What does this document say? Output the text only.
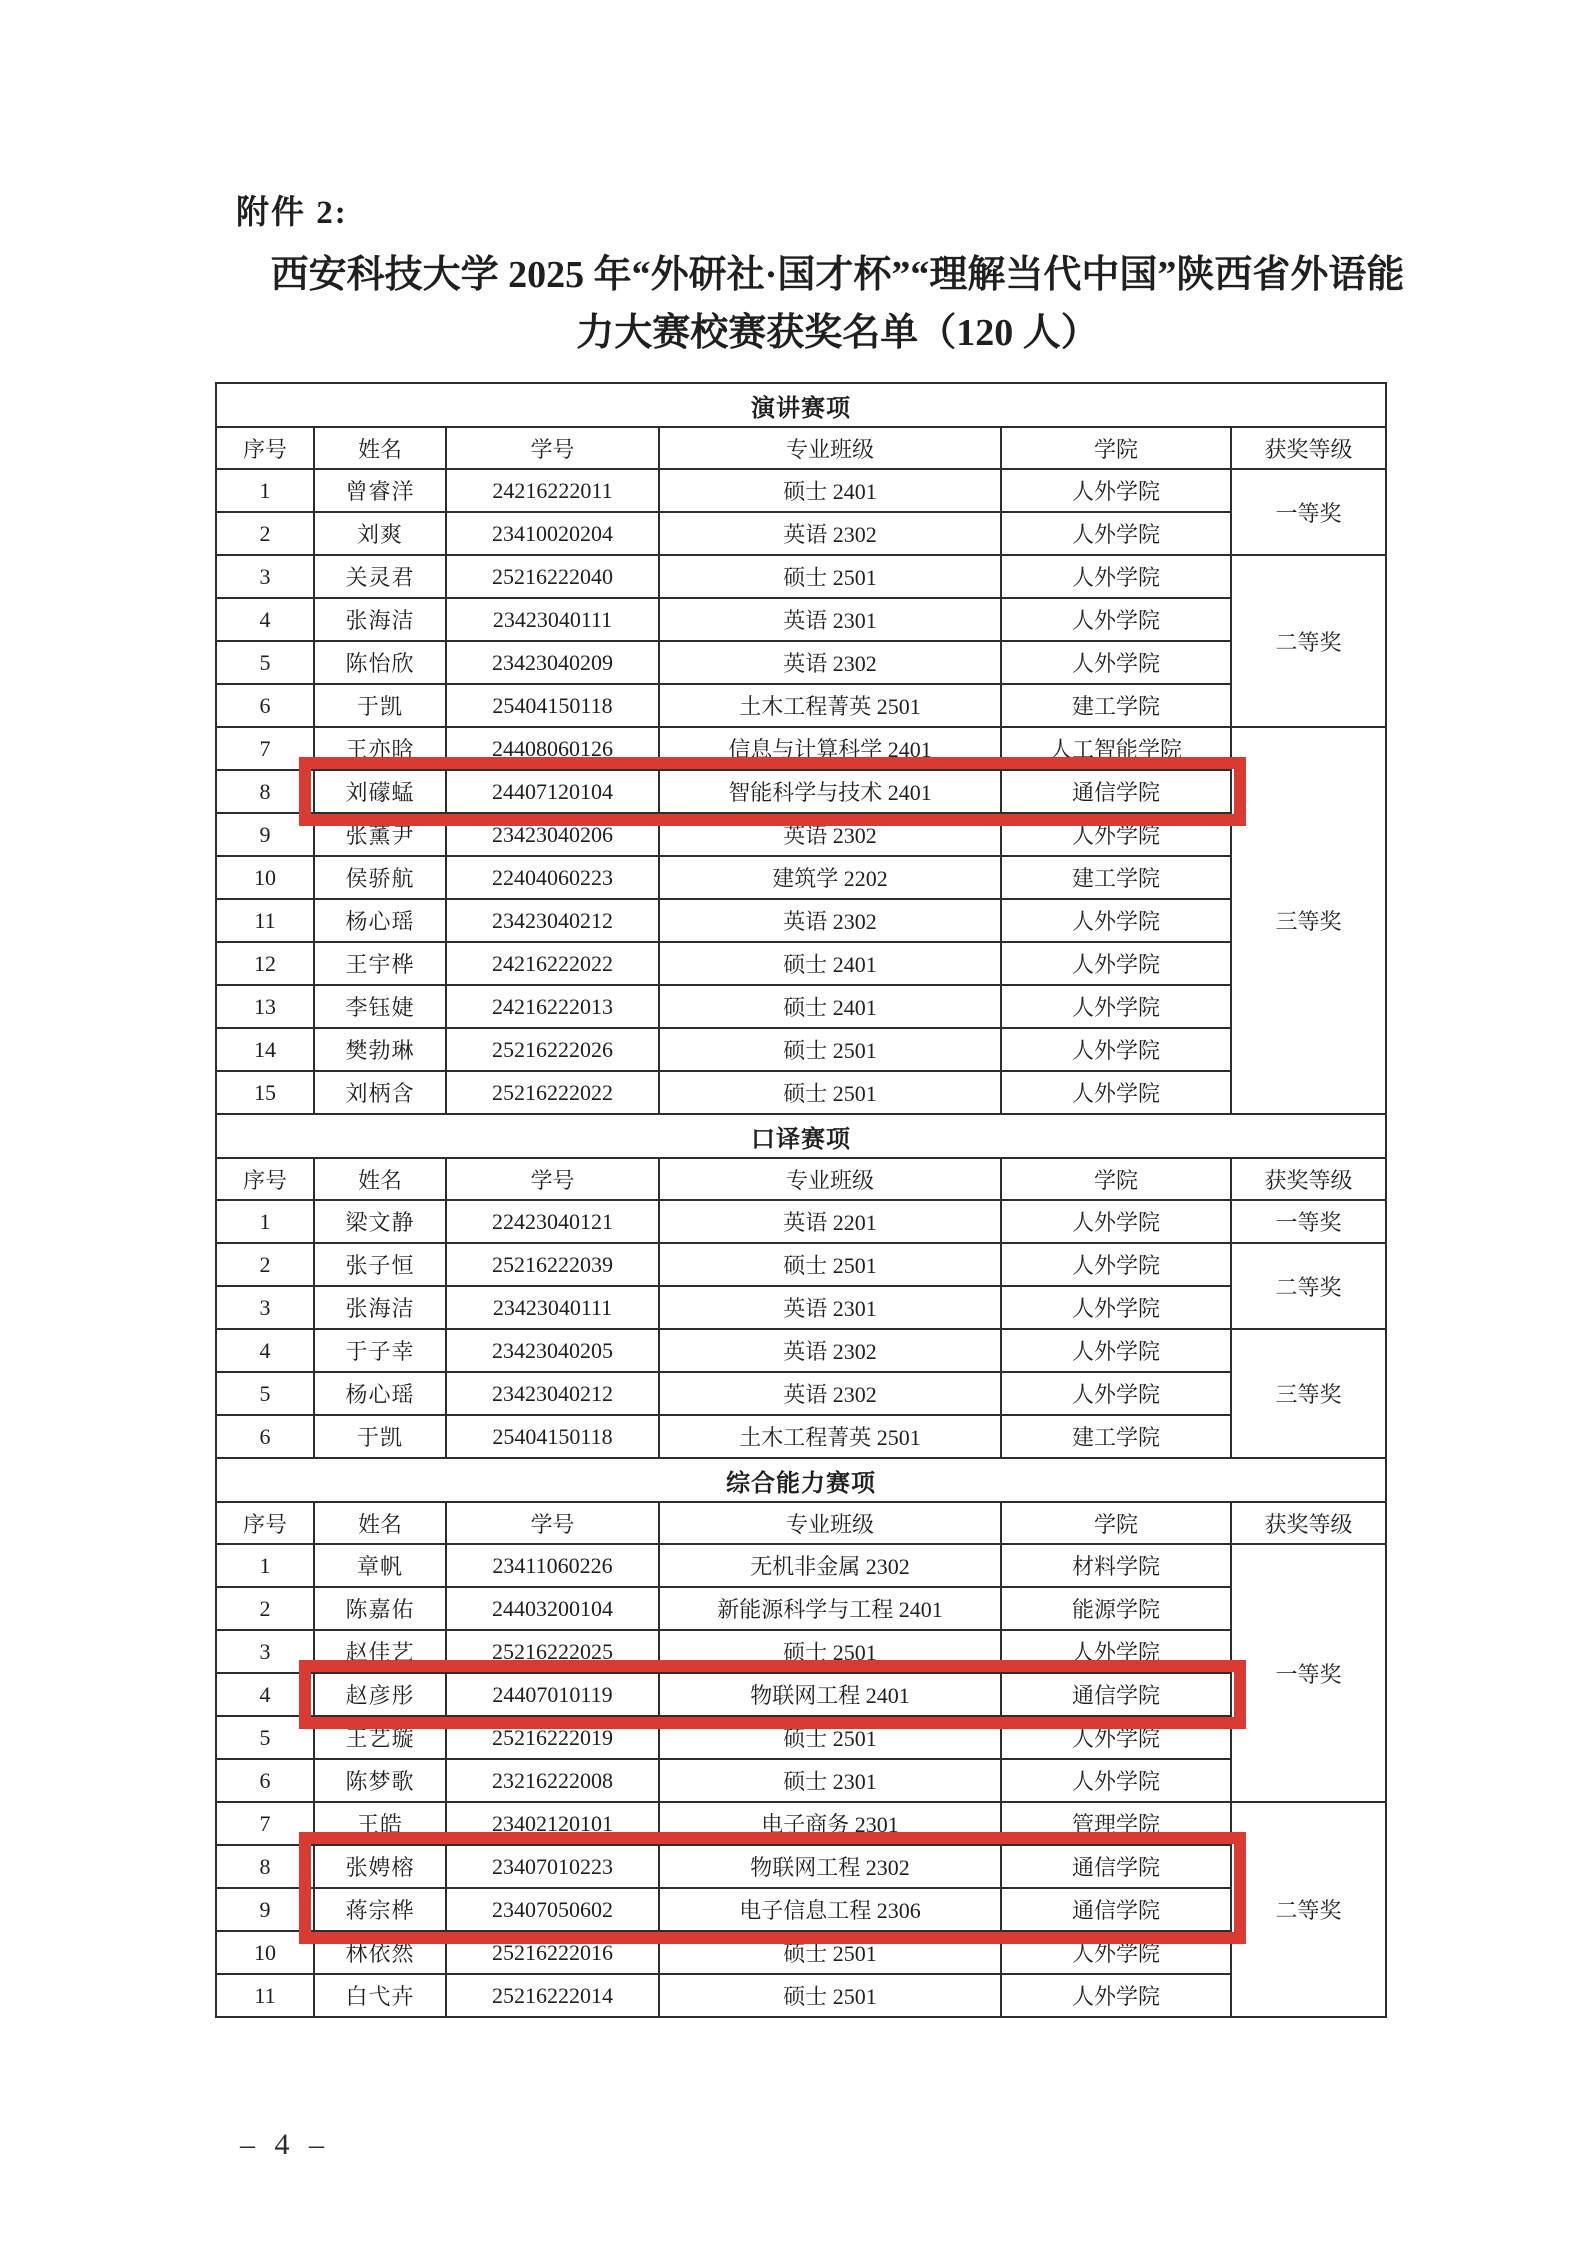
附件 2:
西安科技大学 2025 年“外研社·国才杯”“理解当代中国”陕西省外语能
力大赛校赛获奖名单（120 人）
演讲赛项					
序号	姓名	学号	专业班级	学院	获奖等级
1	曾睿洋	24216222011	硕士 2401	人外学院	一等奖
2	刘爽	23410020204	英语 2302	人外学院	
3	关灵君	25216222040	硕士 2501	人外学院	二等奖
4	张海洁	23423040111	英语 2301	人外学院	
5	陈怡欣	23423040209	英语 2302	人外学院	
6	于凯	25404150118	土木工程菁英 2501	建工学院	
7	王亦晗	24408060126	信息与计算科学 2401	人工智能学院	三等奖
8	刘礞蜢	24407120104	智能科学与技术 2401	通信学院	
9	张薰尹	23423040206	英语 2302	人外学院	
10	侯骄航	22404060223	建筑学 2202	建工学院	
11	杨心瑶	23423040212	英语 2302	人外学院	
12	王宇桦	24216222022	硕士 2401	人外学院	
13	李钰婕	24216222013	硕士 2401	人外学院	
14	樊勃琳	25216222026	硕士 2501	人外学院	
15	刘柄含	25216222022	硕士 2501	人外学院	
口译赛项					
序号	姓名	学号	专业班级	学院	获奖等级
1	梁文静	22423040121	英语 2201	人外学院	一等奖
2	张子恒	25216222039	硕士 2501	人外学院	二等奖
3	张海洁	23423040111	英语 2301	人外学院	
4	于子幸	23423040205	英语 2302	人外学院	三等奖
5	杨心瑶	23423040212	英语 2302	人外学院	
6	于凯	25404150118	土木工程菁英 2501	建工学院	
综合能力赛项					
序号	姓名	学号	专业班级	学院	获奖等级
1	章帆	23411060226	无机非金属 2302	材料学院	一等奖
2	陈嘉佑	24403200104	新能源科学与工程 2401	能源学院	
3	赵佳艺	25216222025	硕士 2501	人外学院	
4	赵彦彤	24407010119	物联网工程 2401	通信学院	
5	王艺璇	25216222019	硕士 2501	人外学院	
6	陈梦歌	23216222008	硕士 2301	人外学院	
7	王皓	23402120101	电子商务 2301	管理学院	二等奖
8	张娉榕	23407010223	物联网工程 2302	通信学院	
9	蒋宗桦	23407050602	电子信息工程 2306	通信学院	
10	林依然	25216222016	硕士 2501	人外学院	
11	白弋卉	25216222014	硕士 2501	人外学院	
– 4 –
